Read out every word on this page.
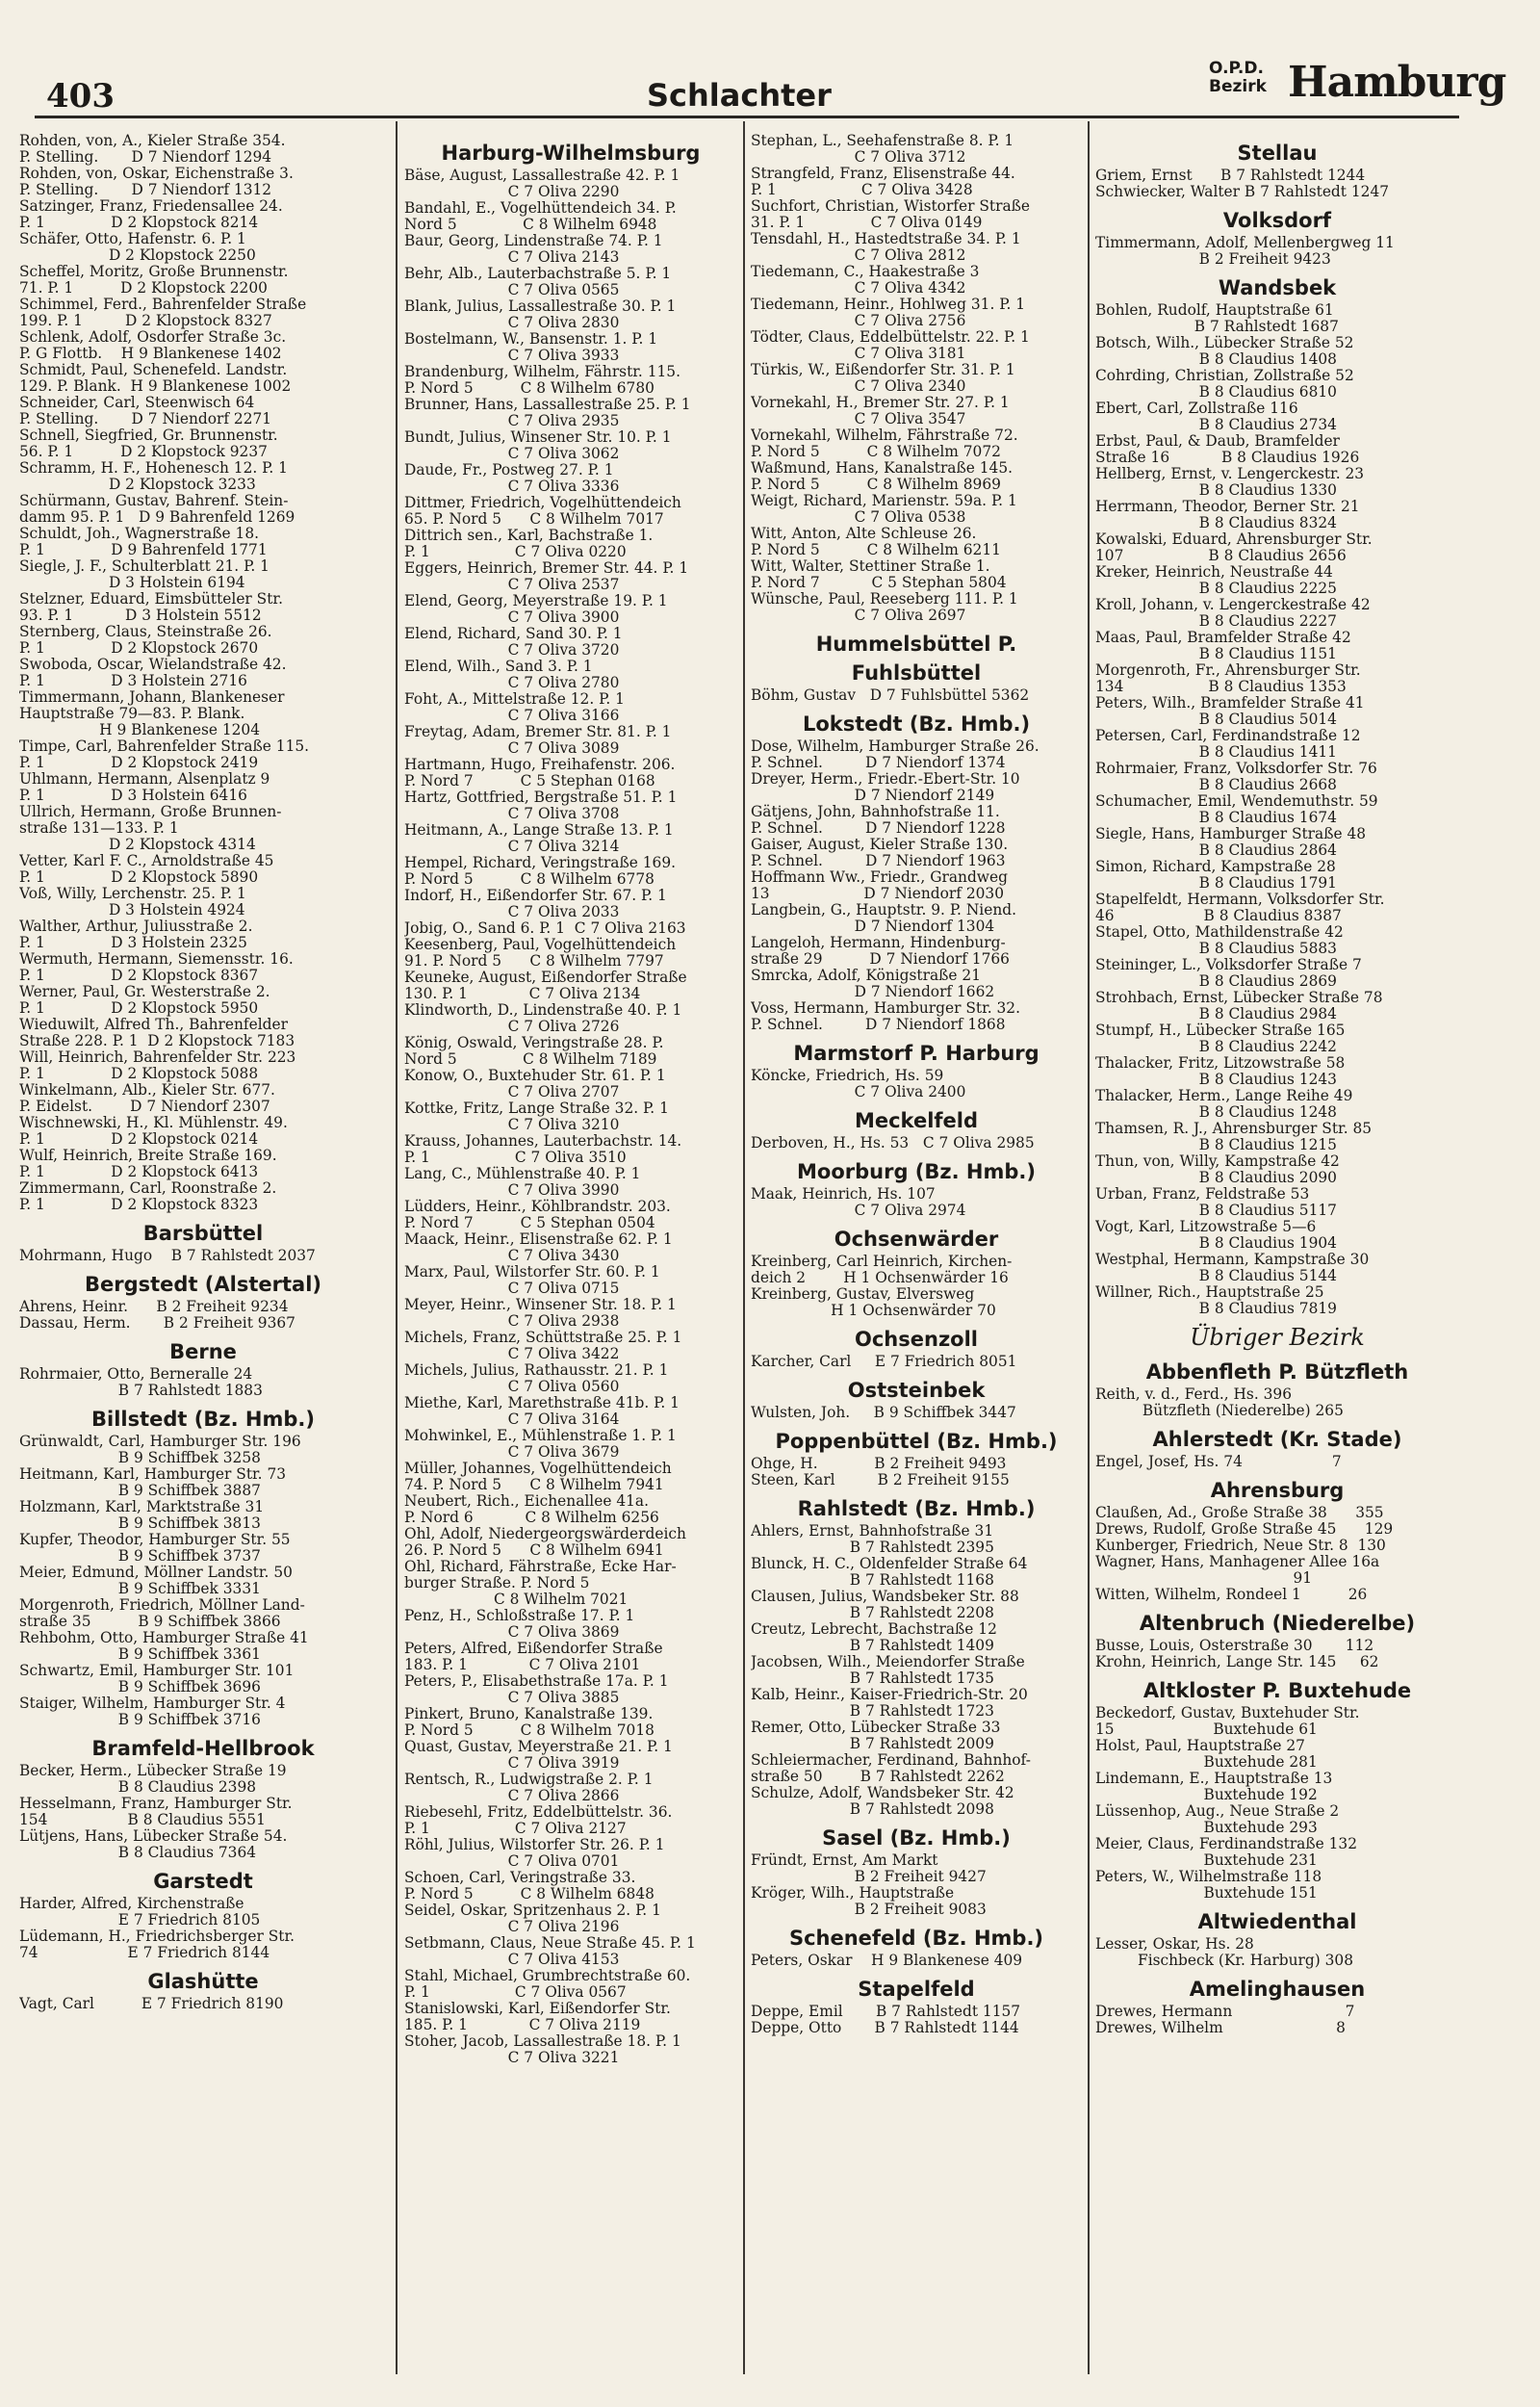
403	Schlachter
O.P.D.
Bezirk Hamburg
Rohden, von, A., Kieler Straße 354.
P. Stelling.       D 7 Niendorf 1294
Rohden, von, Oskar, Eichenstraße 3.
P. Stelling.       D 7 Niendorf 1312
Satzinger, Franz, Friedensallee 24.
P. 1              D 2 Klopstock 8214
Schäfer, Otto, Hafenstr. 6. P. 1
D 2 Klopstock 2250
Scheffel, Moritz, Große Brunnenstr.
71. P. 1          D 2 Klopstock 2200
Schimmel, Ferd., Bahrenfelder Straße
199. P. 1         D 2 Klopstock 8327
Schlenk, Adolf, Osdorfer Straße 3c.
P. G Flottb.    H 9 Blankenese 1402
Schmidt, Paul, Schenefeld. Landstr.
129. P. Blank.  H 9 Blankenese 1002
Schneider, Carl, Steenwisch 64
P. Stelling.       D 7 Niendorf 2271
Schnell, Siegfried, Gr. Brunnenstr.
56. P. 1          D 2 Klopstock 9237
Schramm, H. F., Hohenesch 12. P. 1
D 2 Klopstock 3233
Schürmann, Gustav, Bahrenf. Stein-
damm 95. P. 1   D 9 Bahrenfeld 1269
Schuldt, Joh., Wagnerstraße 18.
P. 1              D 9 Bahrenfeld 1771
Siegle, J. F., Schulterblatt 21. P. 1
D 3 Holstein 6194
Stelzner, Eduard, Eimsbütteler Str.
93. P. 1           D 3 Holstein 5512
Sternberg, Claus, Steinstraße 26.
P. 1              D 2 Klopstock 2670
Swoboda, Oscar, Wielandstraße 42.
P. 1              D 3 Holstein 2716
Timmermann, Johann, Blankeneser
Hauptstraße 79—83. P. Blank.
H 9 Blankenese 1204
Timpe, Carl, Bahrenfelder Straße 115.
P. 1              D 2 Klopstock 2419
Uhlmann, Hermann, Alsenplatz 9
P. 1              D 3 Holstein 6416
Ullrich, Hermann, Große Brunnen-
straße 131—133. P. 1
D 2 Klopstock 4314
Vetter, Karl F. C., Arnoldstraße 45
P. 1              D 2 Klopstock 5890
Voß, Willy, Lerchenstr. 25. P. 1
D 3 Holstein 4924
Walther, Arthur, Juliusstraße 2.
P. 1              D 3 Holstein 2325
Wermuth, Hermann, Siemensstr. 16.
P. 1              D 2 Klopstock 8367
Werner, Paul, Gr. Westerstraße 2.
P. 1              D 2 Klopstock 5950
Wieduwilt, Alfred Th., Bahrenfelder
Straße 228. P. 1  D 2 Klopstock 7183
Will, Heinrich, Bahrenfelder Str. 223
P. 1              D 2 Klopstock 5088
Winkelmann, Alb., Kieler Str. 677.
P. Eidelst.        D 7 Niendorf 2307
Wischnewski, H., Kl. Mühlenstr. 49.
P. 1              D 2 Klopstock 0214
Wulf, Heinrich, Breite Straße 169.
P. 1              D 2 Klopstock 6413
Zimmermann, Carl, Roonstraße 2.
P. 1              D 2 Klopstock 8323
Barsbüttel
Mohrmann, Hugo    B 7 Rahlstedt 2037
Bergstedt (Alstertal)
Ahrens, Heinr.      B 2 Freiheit 9234
Dassau, Herm.       B 2 Freiheit 9367
Berne
Rohrmaier, Otto, Berneralle 24
B 7 Rahlstedt 1883
Billstedt (Bz. Hmb.)
Grünwaldt, Carl, Hamburger Str. 196
B 9 Schiffbek 3258
Heitmann, Karl, Hamburger Str. 73
B 9 Schiffbek 3887
Holzmann, Karl, Marktstraße 31
B 9 Schiffbek 3813
Kupfer, Theodor, Hamburger Str. 55
B 9 Schiffbek 3737
Meier, Edmund, Möllner Landstr. 50
B 9 Schiffbek 3331
Morgenroth, Friedrich, Möllner Land-
straße 35          B 9 Schiffbek 3866
Rehbohm, Otto, Hamburger Straße 41
B 9 Schiffbek 3361
Schwartz, Emil, Hamburger Str. 101
B 9 Schiffbek 3696
Staiger, Wilhelm, Hamburger Str. 4
B 9 Schiffbek 3716
Bramfeld-Hellbrook
Becker, Herm., Lübecker Straße 19
B 8 Claudius 2398
Hesselmann, Franz, Hamburger Str.
154                 B 8 Claudius 5551
Lütjens, Hans, Lübecker Straße 54.
B 8 Claudius 7364
Garstedt
Harder, Alfred, Kirchenstraße
E 7 Friedrich 8105
Lüdemann, H., Friedrichsberger Str.
74                   E 7 Friedrich 8144
Glashütte
Vagt, Carl          E 7 Friedrich 8190
Harburg-Wilhelmsburg
Bäse, August, Lassallestraße 42. P. 1
C 7 Oliva 2290
Bandahl, E., Vogelhüttendeich 34. P.
Nord 5              C 8 Wilhelm 6948
Baur, Georg, Lindenstraße 74. P. 1
C 7 Oliva 2143
Behr, Alb., Lauterbachstraße 5. P. 1
C 7 Oliva 0565
Blank, Julius, Lassallestraße 30. P. 1
C 7 Oliva 2830
Bostelmann, W., Bansenstr. 1. P. 1
C 7 Oliva 3933
Brandenburg, Wilhelm, Fährstr. 115.
P. Nord 5          C 8 Wilhelm 6780
Brunner, Hans, Lassallestraße 25. P. 1
C 7 Oliva 2935
Bundt, Julius, Winsener Str. 10. P. 1
C 7 Oliva 3062
Daude, Fr., Postweg 27. P. 1
C 7 Oliva 3336
Dittmer, Friedrich, Vogelhüttendeich
65. P. Nord 5      C 8 Wilhelm 7017
Dittrich sen., Karl, Bachstraße 1.
P. 1                  C 7 Oliva 0220
Eggers, Heinrich, Bremer Str. 44. P. 1
C 7 Oliva 2537
Elend, Georg, Meyerstraße 19. P. 1
C 7 Oliva 3900
Elend, Richard, Sand 30. P. 1
C 7 Oliva 3720
Elend, Wilh., Sand 3. P. 1
C 7 Oliva 2780
Foht, A., Mittelstraße 12. P. 1
C 7 Oliva 3166
Freytag, Adam, Bremer Str. 81. P. 1
C 7 Oliva 3089
Hartmann, Hugo, Freihafenstr. 206.
P. Nord 7          C 5 Stephan 0168
Hartz, Gottfried, Bergstraße 51. P. 1
C 7 Oliva 3708
Heitmann, A., Lange Straße 13. P. 1
C 7 Oliva 3214
Hempel, Richard, Veringstraße 169.
P. Nord 5          C 8 Wilhelm 6778
Indorf, H., Eißendorfer Str. 67. P. 1
C 7 Oliva 2033
Jobig, O., Sand 6. P. 1  C 7 Oliva 2163
Keesenberg, Paul, Vogelhüttendeich
91. P. Nord 5      C 8 Wilhelm 7797
Keuneke, August, Eißendorfer Straße
130. P. 1             C 7 Oliva 2134
Klindworth, D., Lindenstraße 40. P. 1
C 7 Oliva 2726
König, Oswald, Veringstraße 28. P.
Nord 5              C 8 Wilhelm 7189
Konow, O., Buxtehuder Str. 61. P. 1
C 7 Oliva 2707
Kottke, Fritz, Lange Straße 32. P. 1
C 7 Oliva 3210
Krauss, Johannes, Lauterbachstr. 14.
P. 1                  C 7 Oliva 3510
Lang, C., Mühlenstraße 40. P. 1
C 7 Oliva 3990
Lüdders, Heinr., Köhlbrandstr. 203.
P. Nord 7          C 5 Stephan 0504
Maack, Heinr., Elisenstraße 62. P. 1
C 7 Oliva 3430
Marx, Paul, Wilstorfer Str. 60. P. 1
C 7 Oliva 0715
Meyer, Heinr., Winsener Str. 18. P. 1
C 7 Oliva 2938
Michels, Franz, Schüttstraße 25. P. 1
C 7 Oliva 3422
Michels, Julius, Rathausstr. 21. P. 1
C 7 Oliva 0560
Miethe, Karl, Marethstraße 41b. P. 1
C 7 Oliva 3164
Mohwinkel, E., Mühlenstraße 1. P. 1
C 7 Oliva 3679
Müller, Johannes, Vogelhüttendeich
74. P. Nord 5      C 8 Wilhelm 7941
Neubert, Rich., Eichenallee 41a.
P. Nord 6           C 8 Wilhelm 6256
Ohl, Adolf, Niedergeorgswärderdeich
26. P. Nord 5      C 8 Wilhelm 6941
Ohl, Richard, Fährstraße, Ecke Har-
burger Straße. P. Nord 5
C 8 Wilhelm 7021
Penz, H., Schloßstraße 17. P. 1
C 7 Oliva 3869
Peters, Alfred, Eißendorfer Straße
183. P. 1             C 7 Oliva 2101
Peters, P., Elisabethstraße 17a. P. 1
C 7 Oliva 3885
Pinkert, Bruno, Kanalstraße 139.
P. Nord 5          C 8 Wilhelm 7018
Quast, Gustav, Meyerstraße 21. P. 1
C 7 Oliva 3919
Rentsch, R., Ludwigstraße 2. P. 1
C 7 Oliva 2866
Riebesehl, Fritz, Eddelbüttelstr. 36.
P. 1                  C 7 Oliva 2127
Röhl, Julius, Wilstorfer Str. 26. P. 1
C 7 Oliva 0701
Schoen, Carl, Veringstraße 33.
P. Nord 5          C 8 Wilhelm 6848
Seidel, Oskar, Spritzenhaus 2. P. 1
C 7 Oliva 2196
Setbmann, Claus, Neue Straße 45. P. 1
C 7 Oliva 4153
Stahl, Michael, Grumbrechtstraße 60.
P. 1                  C 7 Oliva 0567
Stanislowski, Karl, Eißendorfer Str.
185. P. 1             C 7 Oliva 2119
Stoher, Jacob, Lassallestraße 18. P. 1
C 7 Oliva 3221
Stephan, L., Seehafenstraße 8. P. 1
C 7 Oliva 3712
Strangfeld, Franz, Elisenstraße 44.
P. 1                  C 7 Oliva 3428
Suchfort, Christian, Wistorfer Straße
31. P. 1              C 7 Oliva 0149
Tensdahl, H., Hastedtstraße 34. P. 1
C 7 Oliva 2812
Tiedemann, C., Haakestraße 3
C 7 Oliva 4342
Tiedemann, Heinr., Hohlweg 31. P. 1
C 7 Oliva 2756
Tödter, Claus, Eddelbüttelstr. 22. P. 1
C 7 Oliva 3181
Türkis, W., Eißendorfer Str. 31. P. 1
C 7 Oliva 2340
Vornekahl, H., Bremer Str. 27. P. 1
C 7 Oliva 3547
Vornekahl, Wilhelm, Fährstraße 72.
P. Nord 5          C 8 Wilhelm 7072
Waßmund, Hans, Kanalstraße 145.
P. Nord 5          C 8 Wilhelm 8969
Weigt, Richard, Marienstr. 59a. P. 1
C 7 Oliva 0538
Witt, Anton, Alte Schleuse 26.
P. Nord 5          C 8 Wilhelm 6211
Witt, Walter, Stettiner Straße 1.
P. Nord 7           C 5 Stephan 5804
Wünsche, Paul, Reeseberg 111. P. 1
C 7 Oliva 2697
Hummelsbüttel P. Fuhlsbüttel
Böhm, Gustav   D 7 Fuhlsbüttel 5362
Lokstedt (Bz. Hmb.)
Dose, Wilhelm, Hamburger Straße 26.
P. Schnel.         D 7 Niendorf 1374
Dreyer, Herm., Friedr.-Ebert-Str. 10
D 7 Niendorf 2149
Gätjens, John, Bahnhofstraße 11.
P. Schnel.         D 7 Niendorf 1228
Gaiser, August, Kieler Straße 130.
P. Schnel.         D 7 Niendorf 1963
Hoffmann Ww., Friedr., Grandweg
13                    D 7 Niendorf 2030
Langbein, G., Hauptstr. 9. P. Niend.
D 7 Niendorf 1304
Langeloh, Hermann, Hindenburg-
straße 29          D 7 Niendorf 1766
Smrcka, Adolf, Königstraße 21
D 7 Niendorf 1662
Voss, Hermann, Hamburger Str. 32.
P. Schnel.         D 7 Niendorf 1868
Marmstorf P. Harburg
Köncke, Friedrich, Hs. 59
C 7 Oliva 2400
Meckelfeld
Derboven, H., Hs. 53   C 7 Oliva 2985
Moorburg (Bz. Hmb.)
Maak, Heinrich, Hs. 107
C 7 Oliva 2974
Ochsenwärder
Kreinberg, Carl Heinrich, Kirchen-
deich 2        H 1 Ochsenwärder 16
Kreinberg, Gustav, Elversweg
H 1 Ochsenwärder 70
Ochsenzoll
Karcher, Carl     E 7 Friedrich 8051
Oststeinbek
Wulsten, Joh.     B 9 Schiffbek 3447
Poppenbüttel (Bz. Hmb.)
Ohge, H.            B 2 Freiheit 9493
Steen, Karl         B 2 Freiheit 9155
Rahlstedt (Bz. Hmb.)
Ahlers, Ernst, Bahnhofstraße 31
B 7 Rahlstedt 2395
Blunck, H. C., Oldenfelder Straße 64
B 7 Rahlstedt 1168
Clausen, Julius, Wandsbeker Str. 88
B 7 Rahlstedt 2208
Creutz, Lebrecht, Bachstraße 12
B 7 Rahlstedt 1409
Jacobsen, Wilh., Meiendorfer Straße
B 7 Rahlstedt 1735
Kalb, Heinr., Kaiser-Friedrich-Str. 20
B 7 Rahlstedt 1723
Remer, Otto, Lübecker Straße 33
B 7 Rahlstedt 2009
Schleiermacher, Ferdinand, Bahnhof-
straße 50        B 7 Rahlstedt 2262
Schulze, Adolf, Wandsbeker Str. 42
B 7 Rahlstedt 2098
Sasel (Bz. Hmb.)
Fründt, Ernst, Am Markt
B 2 Freiheit 9427
Kröger, Wilh., Hauptstraße
B 2 Freiheit 9083
Schenefeld (Bz. Hmb.)
Peters, Oskar    H 9 Blankenese 409
Stapelfeld
Deppe, Emil       B 7 Rahlstedt 1157
Deppe, Otto       B 7 Rahlstedt 1144
Stellau
Griem, Ernst      B 7 Rahlstedt 1244
Schwiecker, Walter B 7 Rahlstedt 1247
Volksdorf
Timmermann, Adolf, Mellenbergweg 11
B 2 Freiheit 9423
Wandsbek
Bohlen, Rudolf, Hauptstraße 61
B 7 Rahlstedt 1687
Botsch, Wilh., Lübecker Straße 52
B 8 Claudius 1408
Cohrding, Christian, Zollstraße 52
B 8 Claudius 6810
Ebert, Carl, Zollstraße 116
B 8 Claudius 2734
Erbst, Paul, & Daub, Bramfelder
Straße 16           B 8 Claudius 1926
Hellberg, Ernst, v. Lengerckestr. 23
B 8 Claudius 1330
Herrmann, Theodor, Berner Str. 21
B 8 Claudius 8324
Kowalski, Eduard, Ahrensburger Str.
107                  B 8 Claudius 2656
Kreker, Heinrich, Neustraße 44
B 8 Claudius 2225
Kroll, Johann, v. Lengerckestraße 42
B 8 Claudius 2227
Maas, Paul, Bramfelder Straße 42
B 8 Claudius 1151
Morgenroth, Fr., Ahrensburger Str.
134                  B 8 Claudius 1353
Peters, Wilh., Bramfelder Straße 41
B 8 Claudius 5014
Petersen, Carl, Ferdinandstraße 12
B 8 Claudius 1411
Rohrmaier, Franz, Volksdorfer Str. 76
B 8 Claudius 2668
Schumacher, Emil, Wendemuthstr. 59
B 8 Claudius 1674
Siegle, Hans, Hamburger Straße 48
B 8 Claudius 2864
Simon, Richard, Kampstraße 28
B 8 Claudius 1791
Stapelfeldt, Hermann, Volksdorfer Str.
46                   B 8 Claudius 8387
Stapel, Otto, Mathildenstraße 42
B 8 Claudius 5883
Steininger, L., Volksdorfer Straße 7
B 8 Claudius 2869
Strohbach, Ernst, Lübecker Straße 78
B 8 Claudius 2984
Stumpf, H., Lübecker Straße 165
B 8 Claudius 2242
Thalacker, Fritz, Litzowstraße 58
B 8 Claudius 1243
Thalacker, Herm., Lange Reihe 49
B 8 Claudius 1248
Thamsen, R. J., Ahrensburger Str. 85
B 8 Claudius 1215
Thun, von, Willy, Kampstraße 42
B 8 Claudius 2090
Urban, Franz, Feldstraße 53
B 8 Claudius 5117
Vogt, Karl, Litzowstraße 5—6
B 8 Claudius 1904
Westphal, Hermann, Kampstraße 30
B 8 Claudius 5144
Willner, Rich., Hauptstraße 25
B 8 Claudius 7819
Übriger Bezirk
Abbenfleth P. Bützfleth
Reith, v. d., Ferd., Hs. 396
Bützfleth (Niederelbe) 265
Ahlerstedt (Kr. Stade)
Engel, Josef, Hs. 74                   7
Ahrensburg
Claußen, Ad., Große Straße 38      355
Drews, Rudolf, Große Straße 45      129
Kunberger, Friedrich, Neue Str. 8  130
Wagner, Hans, Manhagener Allee 16a
91
Witten, Wilhelm, Rondeel 1          26
Altenbruch (Niederelbe)
Busse, Louis, Osterstraße 30       112
Krohn, Heinrich, Lange Str. 145     62
Altkloster P. Buxtehude
Beckedorf, Gustav, Buxtehuder Str.
15                     Buxtehude 61
Holst, Paul, Hauptstraße 27
Buxtehude 281
Lindemann, E., Hauptstraße 13
Buxtehude 192
Lüssenhop, Aug., Neue Straße 2
Buxtehude 293
Meier, Claus, Ferdinandstraße 132
Buxtehude 231
Peters, W., Wilhelmstraße 118
Buxtehude 151
Altwiedenthal
Lesser, Oskar, Hs. 28
Fischbeck (Kr. Harburg) 308
Amelinghausen
Drewes, Hermann                        7
Drewes, Wilhelm                        8
